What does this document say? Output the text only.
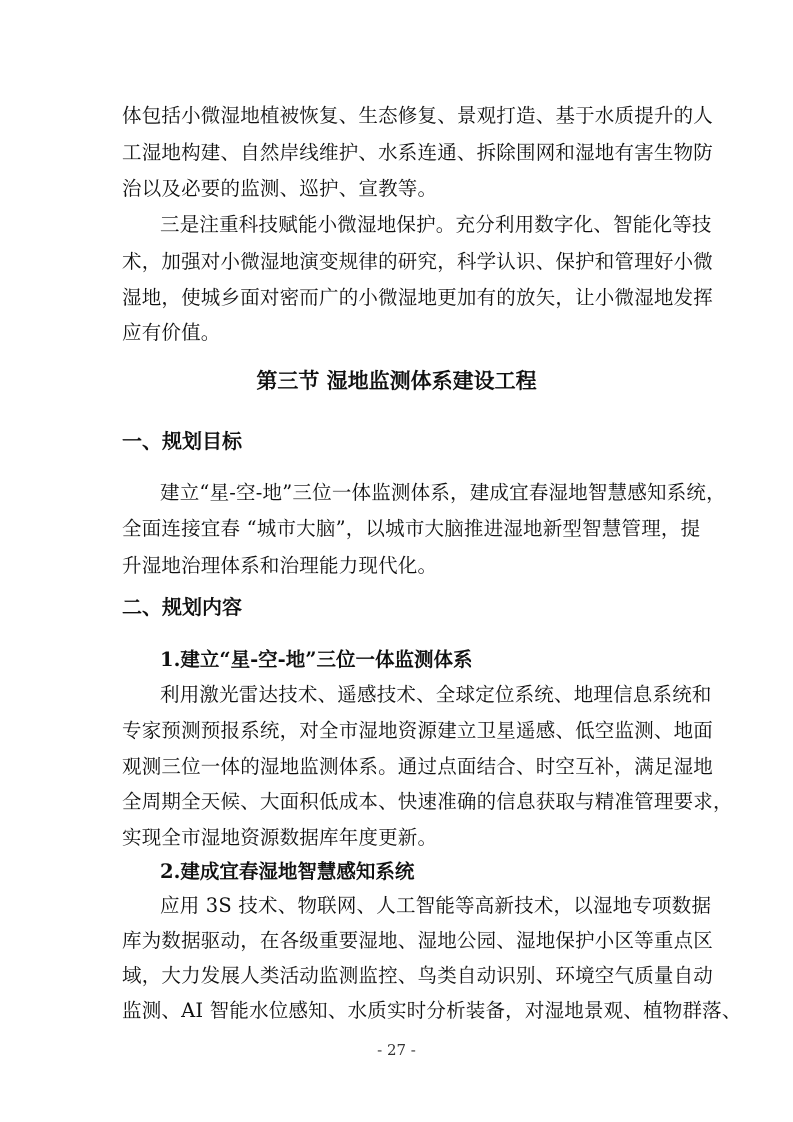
体包括小微湿地植被恢复、生态修复、景观打造、基于水质提升的人
工湿地构建、自然岸线维护、水系连通、拆除围网和湿地有害生物防
治以及必要的监测、巡护、宣教等。
三是注重科技赋能小微湿地保护。充分利用数字化、智能化等技
术，加强对小微湿地演变规律的研究，科学认识、保护和管理好小微
湿地，使城乡面对密而广的小微湿地更加有的放矢，让小微湿地发挥
应有价值。
第三节 湿地监测体系建设工程
一、规划目标
建立“星-空-地”三位一体监测体系，建成宜春湿地智慧感知系统，
全面连接宜春 “城市大脑”，以城市大脑推进湿地新型智慧管理，提
升湿地治理体系和治理能力现代化。
二、规划内容
1.建立“星-空-地”三位一体监测体系
利用激光雷达技术、遥感技术、全球定位系统、地理信息系统和
专家预测预报系统，对全市湿地资源建立卫星遥感、低空监测、地面
观测三位一体的湿地监测体系。通过点面结合、时空互补，满足湿地
全周期全天候、大面积低成本、快速准确的信息获取与精准管理要求，
实现全市湿地资源数据库年度更新。
2.建成宜春湿地智慧感知系统
应用 3S 技术、物联网、人工智能等高新技术，以湿地专项数据
库为数据驱动，在各级重要湿地、湿地公园、湿地保护小区等重点区
域，大力发展人类活动监测监控、鸟类自动识别、环境空气质量自动
监测、AI 智能水位感知、水质实时分析装备，对湿地景观、植物群落、
- 27 -
